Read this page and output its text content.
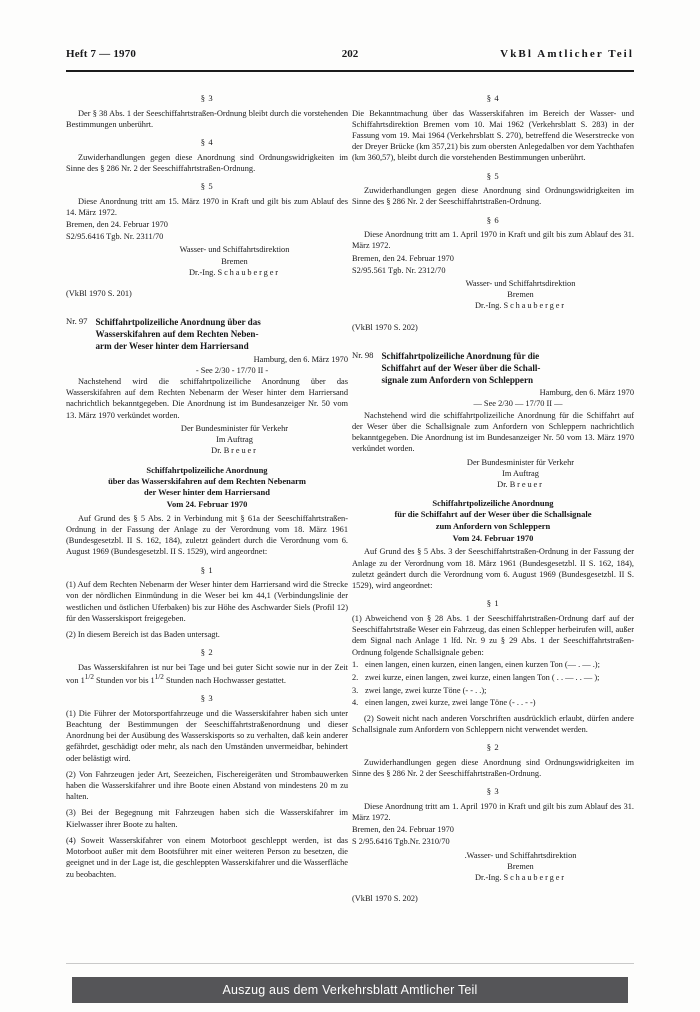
Heft 7 — 1970	202	VkBl Amtlicher Teil
§ 3

Der § 38 Abs. 1 der Seeschiffahrtstraßen-Ordnung bleibt durch die vorstehenden Bestimmungen unberührt.

§ 4

Zuwiderhandlungen gegen diese Anordnung sind Ordnungswidrigkeiten im Sinne des § 286 Nr. 2 der Seeschiffahrtstraßen-Ordnung.

§ 5

Diese Anordnung tritt am 15. März 1970 in Kraft und gilt bis zum Ablauf des 14. März 1972.

Bremen, den 24. Februar 1970

S2/95.6416 Tgb. Nr. 2311/70

Wasser- und Schiffahrtsdirektion
Bremen
Dr.-Ing. Schauberger
(VkBl 1970 S. 201)
Nr. 97 Schiffahrtpolizeiliche Anordnung über das
Wasserskifahren auf dem Rechten Neben-
arm der Weser hinter dem Harriersand
Hamburg, den 6. März 1970
- See 2/30 - 17/70 II -

Nachstehend wird die schiffahrtpolizeiliche Anordnung über das Wasserskifahren auf dem Rechten Nebenarm der Weser hinter dem Harriersand nachrichtlich bekanntgegeben. Die Anordnung ist im Bundesanzeiger Nr. 50 vom 13. März 1970 verkündet worden.

Der Bundesminister für Verkehr
Im Auftrag
Dr. Breuer
Schiffahrtpolizeiliche Anordnung
über das Wasserskifahren auf dem Rechten Nebenarm
der Weser hinter dem Harriersand
Vom 24. Februar 1970

Auf Grund des § 5 Abs. 2 in Verbindung mit § 61a der Seeschiffahrtstraßen-Ordnung in der Fassung der Anlage zu der Verordnung vom 18. März 1961 (Bundesgesetzbl. II S. 162, 184), zuletzt geändert durch die Verordnung vom 6. August 1969 (Bundesgesetzbl. II S. 1529), wird angeordnet:

§ 1

(1) Auf dem Rechten Nebenarm der Weser hinter dem Harriersand wird die Strecke von der nördlichen Einmündung in die Weser bei km 44,1 (Verbindungslinie der westlichen und östlichen Uferbaken) bis zur Höhe des Aschwarder Siels (Profil 12) für den Wasserskisport freigegeben.

(2) In diesem Bereich ist das Baden untersagt.

§ 2

Das Wasserskifahren ist nur bei Tage und bei guter Sicht sowie nur in der Zeit von $1^{1/2}$ Stunden vor bis $1^{1/2}$ Stunden nach Hochwasser gestattet.

§ 3

(1) Die Führer der Motorsportfahrzeuge und die Wasserskifahrer haben sich unter Beachtung der Bestimmungen der Seeschiffahrtstraßenordnung und dieser Anordnung bei der Ausübung des Wasserskisports so zu verhalten, daß kein anderer gefährdet, geschädigt oder mehr, als nach den Umständen unvermeidbar, behindert oder belästigt wird.

(2) Von Fahrzeugen jeder Art, Seezeichen, Fischereigeräten und Strombauwerken haben die Wasserskifahrer und ihre Boote einen Abstand von mindestens 20 m zu halten.

(3) Bei der Begegnung mit Fahrzeugen haben sich die Wasserskifahrer im Kielwasser ihrer Boote zu halten.

(4) Soweit Wasserskifahrer von einem Motorboot geschleppt werden, ist das Motorboot außer mit dem Bootsführer mit einer weiteren Person zu besetzen, die geeignet und in der Lage ist, die geschleppten Wasserskifahrer und die Wasserfläche zu beobachten.

§ 4

Die Bekanntmachung über das Wasserskifahren im Bereich der Wasser- und Schiffahrtsdirektion Bremen vom 10. Mai 1962 (Verkehrsblatt S. 283) in der Fassung vom 19. Mai 1964 (Verkehrsblatt S. 270), betreffend die Weserstrecke von der Dreyer Brücke (km 357,21) bis zum obersten Anlegedalben vor dem Yachthafen (km 360,57), bleibt durch die vorstehenden Bestimmungen unberührt.

§ 5

Zuwiderhandlungen gegen diese Anordnung sind Ordnungswidrigkeiten im Sinne des § 286 Nr. 2 der Seeschiffahrtstraßen-Ordnung.

§ 6

Diese Anordnung tritt am 1. April 1970 in Kraft und gilt bis zum Ablauf des 31. März 1972.

Bremen, den 24. Februar 1970

S2/95.561 Tgb. Nr. 2312/70

Wasser- und Schiffahrtsdirektion
Bremen
Dr.-Ing. Schauberger
(VkBl 1970 S. 202)
Nr. 98 Schiffahrtpolizeiliche Anordnung für die
Schiffahrt auf der Weser über die Schall-
signale zum Anfordern von Schleppern
Hamburg, den 6. März 1970
— See 2/30 — 17/70 II —

Nachstehend wird die schiffahrtpolizeiliche Anordnung für die Schiffahrt auf der Weser über die Schallsignale zum Anfordern von Schleppern nachrichtlich bekanntgegeben. Die Anordnung ist im Bundesanzeiger Nr. 50 vom 13. März 1970 verkündet worden.

Der Bundesminister für Verkehr
Im Auftrag
Dr. Breuer
Schiffahrtpolizeiliche Anordnung
für die Schiffahrt auf der Weser über die Schallsignale
zum Anfordern von Schleppern
Vom 24. Februar 1970

Auf Grund des § 5 Abs. 3 der Seeschiffahrtstraßen-Ordnung in der Fassung der Anlage zu der Verordnung vom 18. März 1961 (Bundesgesetzbl. II S. 162, 184), zuletzt geändert durch die Verordnung vom 6. August 1969 (Bundesgesetzbl. II S. 1529), wird angeordnet:

§ 1

(1) Abweichend von § 28 Abs. 1 der Seeschiffahrtstraßen-Ordnung darf auf der Seeschiffahrtstraße Weser ein Fahrzeug, das einen Schlepper herbeirufen will, außer dem Signal nach Anlage 1 lfd. Nr. 9 zu § 29 Abs. 1 der Seeschiffahrtstraßen-Ordnung folgende Schallsignale geben:

1. einen langen, einen kurzen, einen langen, einen kurzen Ton (— . — .);
2. zwei kurze, einen langen, zwei kurze, einen langen Ton ( . . — . . — );
3. zwei lange, zwei kurze Töne (- - . .);
4. einen langen, zwei kurze, zwei lange Töne (- . . - -)

(2) Soweit nicht nach anderen Vorschriften ausdrücklich erlaubt, dürfen andere Schallsignale zum Anfordern von Schleppern nicht verwendet werden.

§ 2

Zuwiderhandlungen gegen diese Anordnung sind Ordnungswidrigkeiten im Sinne des § 286 Nr. 2 der Seeschiffahrtstraßen-Ordnung.

§ 3

Diese Anordnung tritt am 1. April 1970 in Kraft und gilt bis zum Ablauf des 31. März 1972.

Bremen, den 24. Februar 1970

S 2/95.6416 Tgb.Nr. 2310/70

.Wasser- und Schiffahrtsdirektion
Bremen
Dr.-Ing. Schauberger
(VkBl 1970 S. 202)
Auszug aus dem Verkehrsblatt Amtlicher Teil
